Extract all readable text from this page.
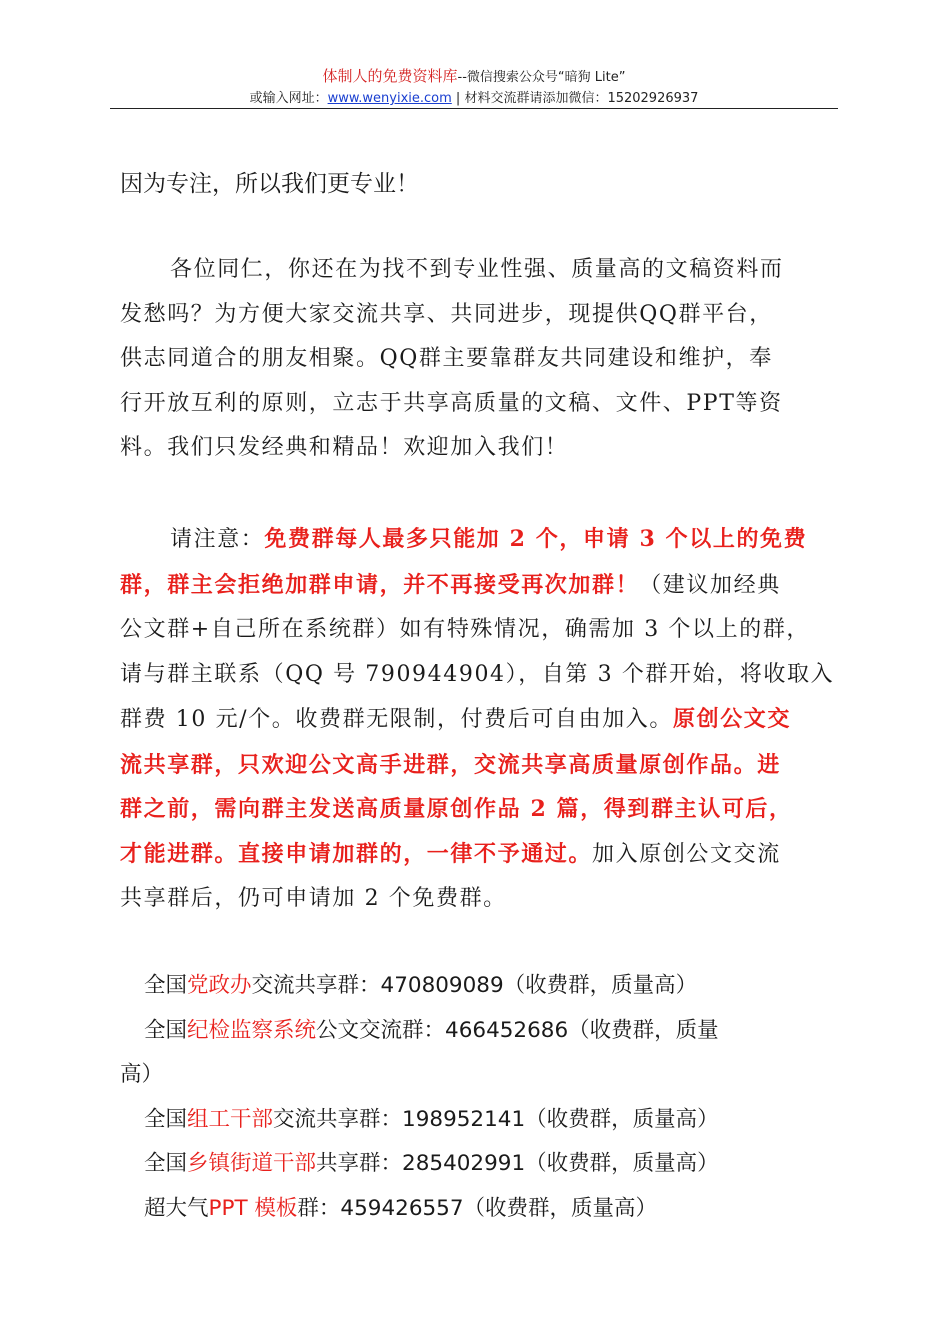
体制人的免费资料库--微信搜索公众号“暗狗 Lite”
或输入网址：www.wenyixie.com | 材料交流群请添加微信：15202926937
因为专注，所以我们更专业！
各位同仁，你还在为找不到专业性强、质量高的文稿资料而
发愁吗？为方便大家交流共享、共同进步，现提供QQ群平台，
供志同道合的朋友相聚。QQ群主要靠群友共同建设和维护，奉
行开放互利的原则，立志于共享高质量的文稿、文件、PPT等资
料。我们只发经典和精品！欢迎加入我们！
请注意：免费群每人最多只能加 2 个，申请 3 个以上的免费
群，群主会拒绝加群申请，并不再接受再次加群！（建议加经典
公文群+自己所在系统群）如有特殊情况，确需加 3 个以上的群，
请与群主联系（QQ 号 790944904），自第 3 个群开始，将收取入
群费 10 元/个。收费群无限制，付费后可自由加入。原创公文交
流共享群，只欢迎公文高手进群，交流共享高质量原创作品。进
群之前，需向群主发送高质量原创作品 2 篇，得到群主认可后，
才能进群。直接申请加群的，一律不予通过。加入原创公文交流
共享群后，仍可申请加 2 个免费群。
全国党政办交流共享群：470809089（收费群，质量高）
全国纪检监察系统公文交流群：466452686（收费群，质量
高）
全国组工干部交流共享群：198952141（收费群，质量高）
全国乡镇街道干部共享群：285402991（收费群，质量高）
超大气PPT 模板群：459426557（收费群，质量高）
